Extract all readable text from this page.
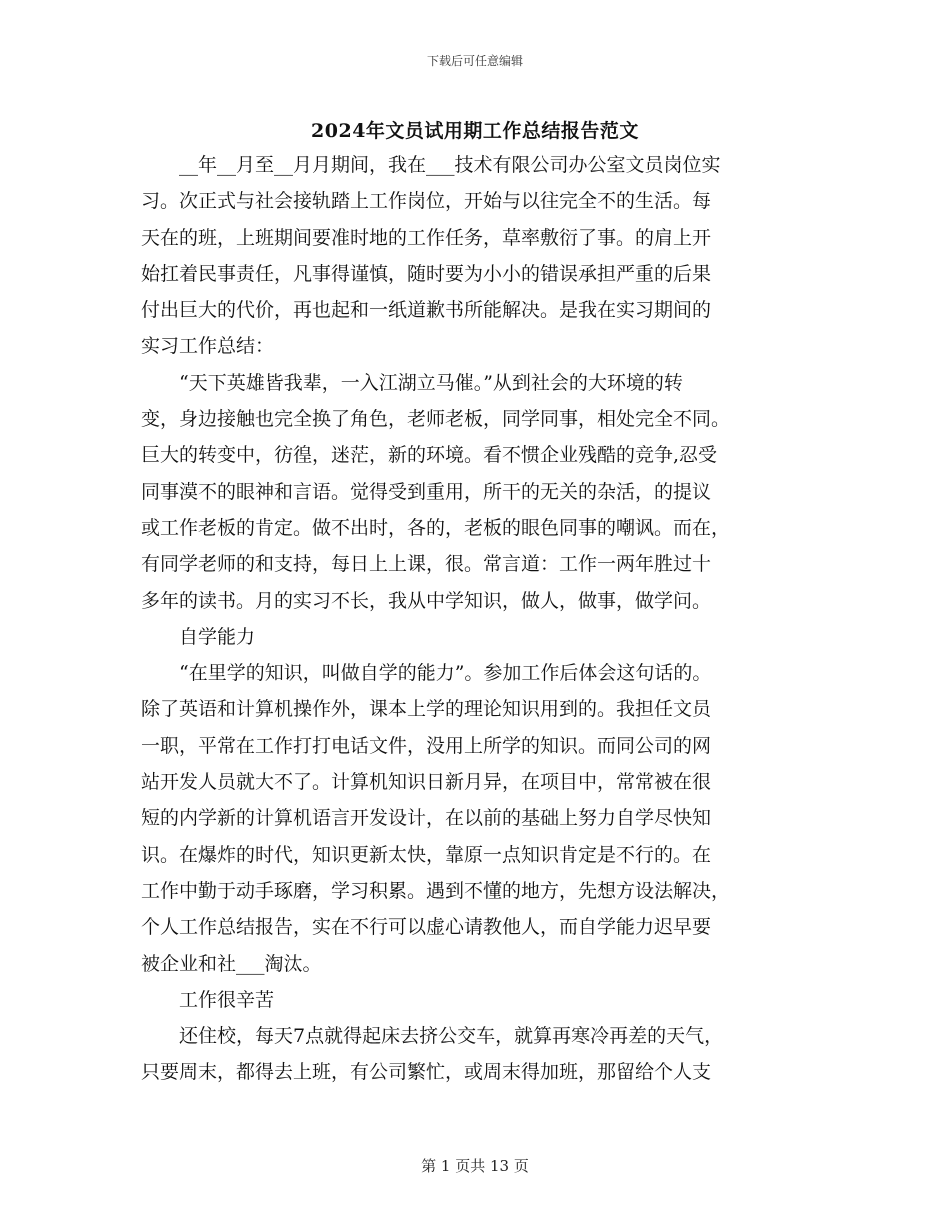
下载后可任意编辑
2024年文员试用期工作总结报告范文
　　__年__月至__月月期间，我在___技术有限公司办公室文员岗位实
习。次正式与社会接轨踏上工作岗位，开始与以往完全不的生活。每
天在的班，上班期间要准时地的工作任务，草率敷衍了事。的肩上开
始扛着民事责任，凡事得谨慎，随时要为小小的错误承担严重的后果
付出巨大的代价，再也起和一纸道歉书所能解决。是我在实习期间的
实习工作总结：
　　“天下英雄皆我辈，一入江湖立马催。”从到社会的大环境的转
变，身边接触也完全换了角色，老师老板，同学同事，相处完全不同。
巨大的转变中，彷徨，迷茫，新的环境。看不惯企业残酷的竞争,忍受
同事漠不的眼神和言语。觉得受到重用，所干的无关的杂活，的提议
或工作老板的肯定。做不出时，各的，老板的眼色同事的嘲讽。而在，
有同学老师的和支持，每日上上课，很。常言道：工作一两年胜过十
多年的读书。月的实习不长，我从中学知识，做人，做事，做学问。
　　自学能力
　　“在里学的知识，叫做自学的能力”。参加工作后体会这句话的。
除了英语和计算机操作外，课本上学的理论知识用到的。我担任文员
一职，平常在工作打打电话文件，没用上所学的知识。而同公司的网
站开发人员就大不了。计算机知识日新月异，在项目中，常常被在很
短的内学新的计算机语言开发设计，在以前的基础上努力自学尽快知
识。在爆炸的时代，知识更新太快，靠原一点知识肯定是不行的。在
工作中勤于动手琢磨，学习积累。遇到不懂的地方，先想方设法解决，
个人工作总结报告，实在不行可以虚心请教他人，而自学能力迟早要
被企业和社___淘汰。
　　工作很辛苦
　　还住校，每天7点就得起床去挤公交车，就算再寒冷再差的天气，
只要周末，都得去上班，有公司繁忙，或周末得加班，那留给个人支
第 1 页共 13 页
